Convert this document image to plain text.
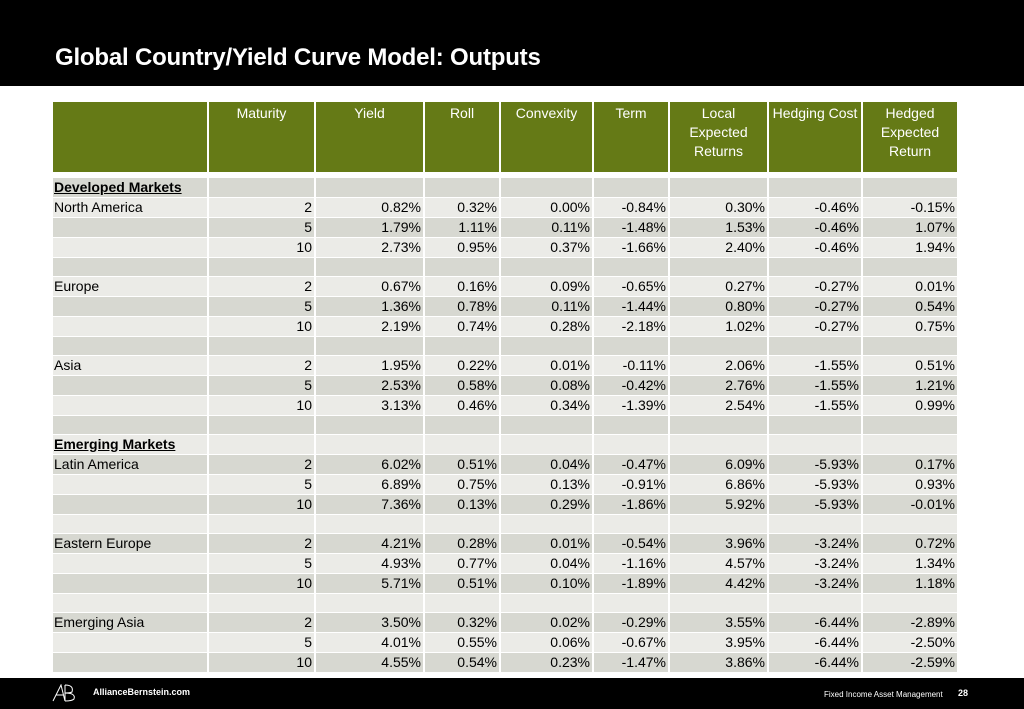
Global Country/Yield Curve Model: Outputs
	Maturity	Yield	Roll	Convexity	Term	Local Expected Returns	Hedging Cost	Hedged Expected Return

Developed Markets								
North America	2	0.82%	0.32%	0.00%	-0.84%	0.30%	-0.46%	-0.15%
	5	1.79%	1.11%	0.11%	-1.48%	1.53%	-0.46%	1.07%
	10	2.73%	0.95%	0.37%	-1.66%	2.40%	-0.46%	1.94%

Europe	2	0.67%	0.16%	0.09%	-0.65%	0.27%	-0.27%	0.01%
	5	1.36%	0.78%	0.11%	-1.44%	0.80%	-0.27%	0.54%
	10	2.19%	0.74%	0.28%	-2.18%	1.02%	-0.27%	0.75%

Asia	2	1.95%	0.22%	0.01%	-0.11%	2.06%	-1.55%	0.51%
	5	2.53%	0.58%	0.08%	-0.42%	2.76%	-1.55%	1.21%
	10	3.13%	0.46%	0.34%	-1.39%	2.54%	-1.55%	0.99%

Emerging Markets								
Latin America	2	6.02%	0.51%	0.04%	-0.47%	6.09%	-5.93%	0.17%
	5	6.89%	0.75%	0.13%	-0.91%	6.86%	-5.93%	0.93%
	10	7.36%	0.13%	0.29%	-1.86%	5.92%	-5.93%	-0.01%

Eastern Europe	2	4.21%	0.28%	0.01%	-0.54%	3.96%	-3.24%	0.72%
	5	4.93%	0.77%	0.04%	-1.16%	4.57%	-3.24%	1.34%
	10	5.71%	0.51%	0.10%	-1.89%	4.42%	-3.24%	1.18%

Emerging Asia	2	3.50%	0.32%	0.02%	-0.29%	3.55%	-6.44%	-2.89%
	5	4.01%	0.55%	0.06%	-0.67%	3.95%	-6.44%	-2.50%
	10	4.55%	0.54%	0.23%	-1.47%	3.86%	-6.44%	-2.59%
AllianceBernstein.com	Fixed Income Asset Management 28
